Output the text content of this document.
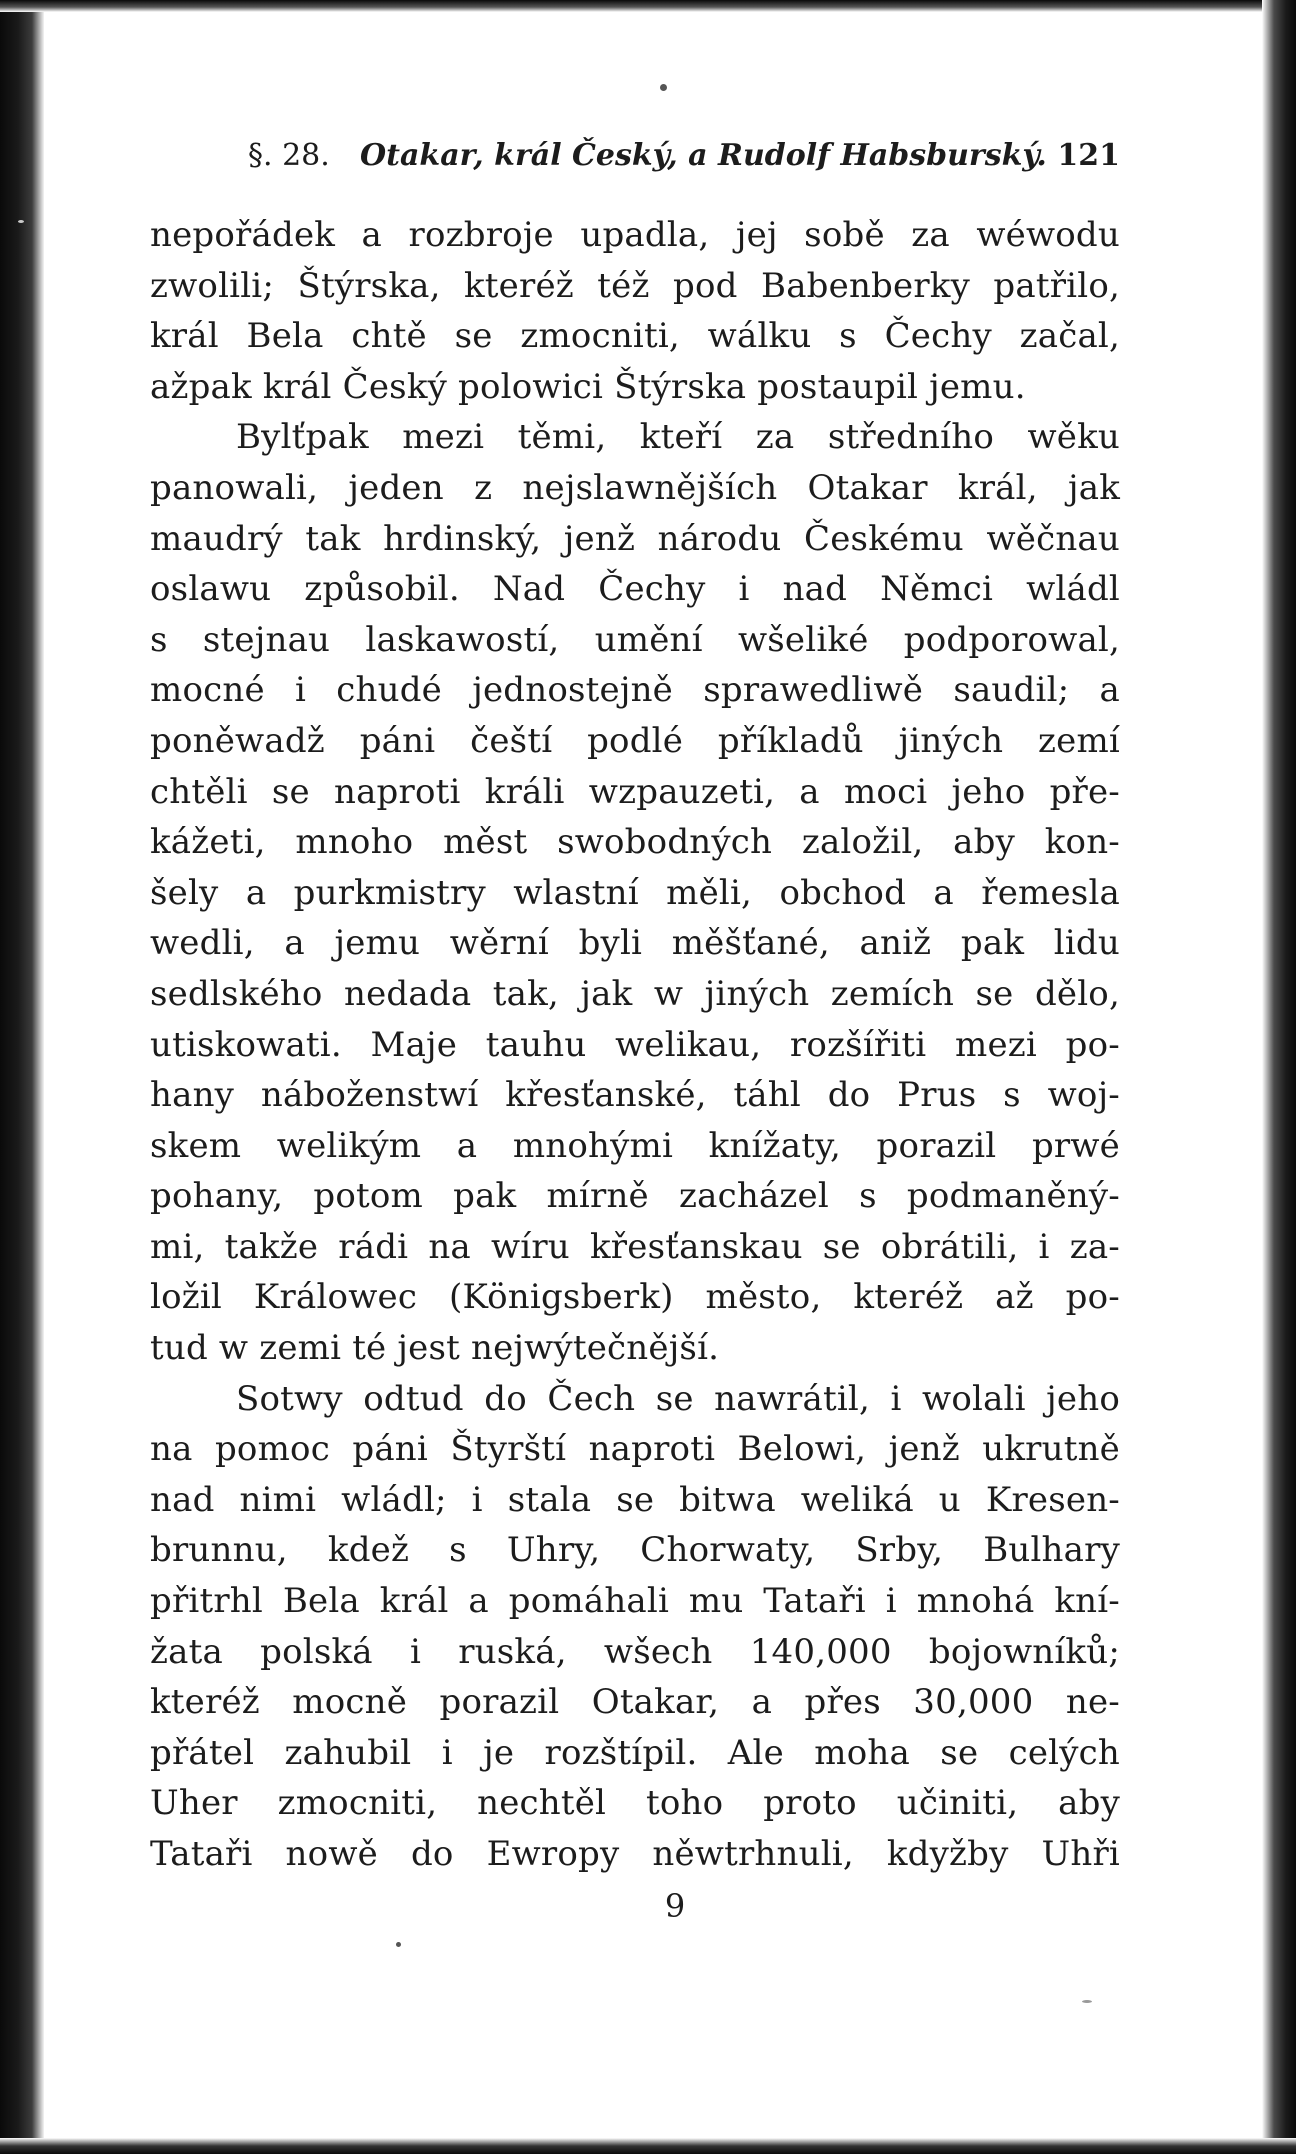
§. 28. Otakar, král Český, a Rudolf Habsburský. 121
nepořádek a rozbroje upadla, jej sobě za wéwodu
zwolili; Štýrska, kteréž též pod Babenberky patřilo,
král Bela chtě se zmocniti, wálku s Čechy začal,
ažpak král Český polowici Štýrska postaupil jemu.
Bylťpak mezi těmi, kteří za středního wěku
panowali, jeden z nejslawnějších Otakar král, jak
maudrý tak hrdinský, jenž národu Českému wěčnau
oslawu způsobil. Nad Čechy i nad Němci wládl
s stejnau laskawostí, umění wšeliké podporowal,
mocné i chudé jednostejně sprawedliwě saudil; a
poněwadž páni čeští podlé příkladů jiných zemí
chtěli se naproti králi wzpauzeti, a moci jeho pře-
kážeti, mnoho měst swobodných založil, aby kon-
šely a purkmistry wlastní měli, obchod a řemesla
wedli, a jemu wěrní byli měšťané, aniž pak lidu
sedlského nedada tak, jak w jiných zemích se dělo,
utiskowati. Maje tauhu welikau, rozšířiti mezi po-
hany náboženstwí křesťanské, táhl do Prus s woj-
skem welikým a mnohými knížaty, porazil prwé
pohany, potom pak mírně zacházel s podmaněný-
mi, takže rádi na wíru křesťanskau se obrátili, i za-
ložil Králowec (Königsberk) město, kteréž až po-
tud w zemi té jest nejwýtečnější.
Sotwy odtud do Čech se nawrátil, i wolali jeho
na pomoc páni Štyrští naproti Belowi, jenž ukrutně
nad nimi wládl; i stala se bitwa weliká u Kresen-
brunnu, kdež s Uhry, Chorwaty, Srby, Bulhary
přitrhl Bela král a pomáhali mu Tataři i mnohá kní-
žata polská i ruská, wšech 140,000 bojowníků;
kteréž mocně porazil Otakar, a přes 30,000 ne-
přátel zahubil i je rozštípil. Ale moha se celých
Uher zmocniti, nechtěl toho proto učiniti, aby
Tataři nowě do Ewropy něwtrhnuli, kdyžby Uhři
9
